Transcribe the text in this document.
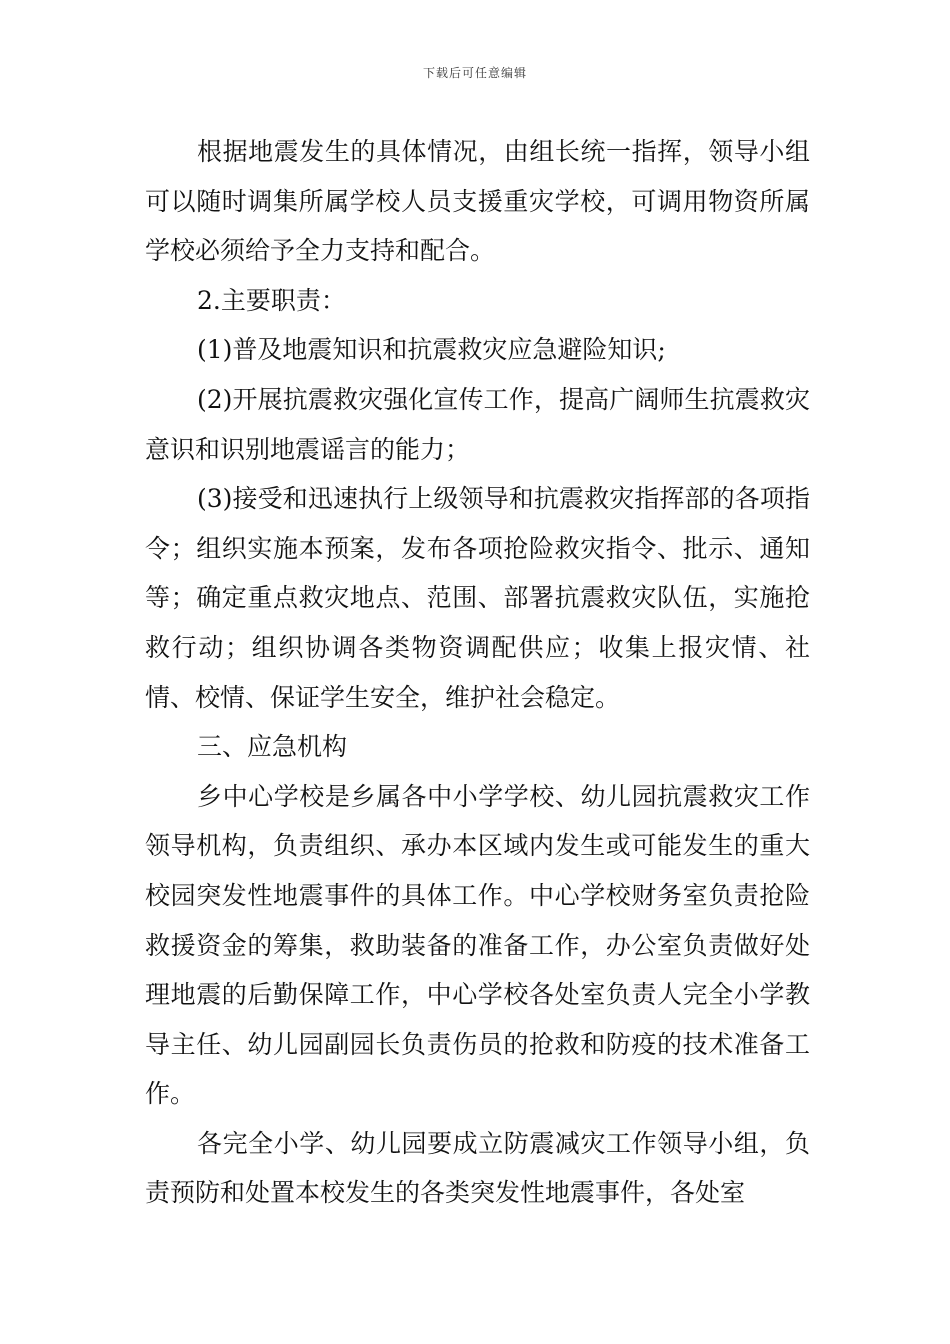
下载后可任意编辑

根据地震发生的具体情况，由组长统一指挥，领导小组可以随时调集所属学校人员支援重灾学校，可调用物资所属学校必须给予全力支持和配合。

2.主要职责：

(1)普及地震知识和抗震救灾应急避险知识;

(2)开展抗震救灾强化宣传工作，提高广阔师生抗震救灾意识和识别地震谣言的能力；

(3)接受和迅速执行上级领导和抗震救灾指挥部的各项指令；组织实施本预案，发布各项抢险救灾指令、批示、通知等；确定重点救灾地点、范围、部署抗震救灾队伍，实施抢救行动；组织协调各类物资调配供应；收集上报灾情、社情、校情、保证学生安全，维护社会稳定。

三、应急机构

乡中心学校是乡属各中小学学校、幼儿园抗震救灾工作领导机构，负责组织、承办本区域内发生或可能发生的重大校园突发性地震事件的具体工作。中心学校财务室负责抢险救援资金的筹集，救助装备的准备工作，办公室负责做好处理地震的后勤保障工作，中心学校各处室负责人完全小学教导主任、幼儿园副园长负责伤员的抢救和防疫的技术准备工作。

各完全小学、幼儿园要成立防震减灾工作领导小组，负责预防和处置本校发生的各类突发性地震事件，各处室
